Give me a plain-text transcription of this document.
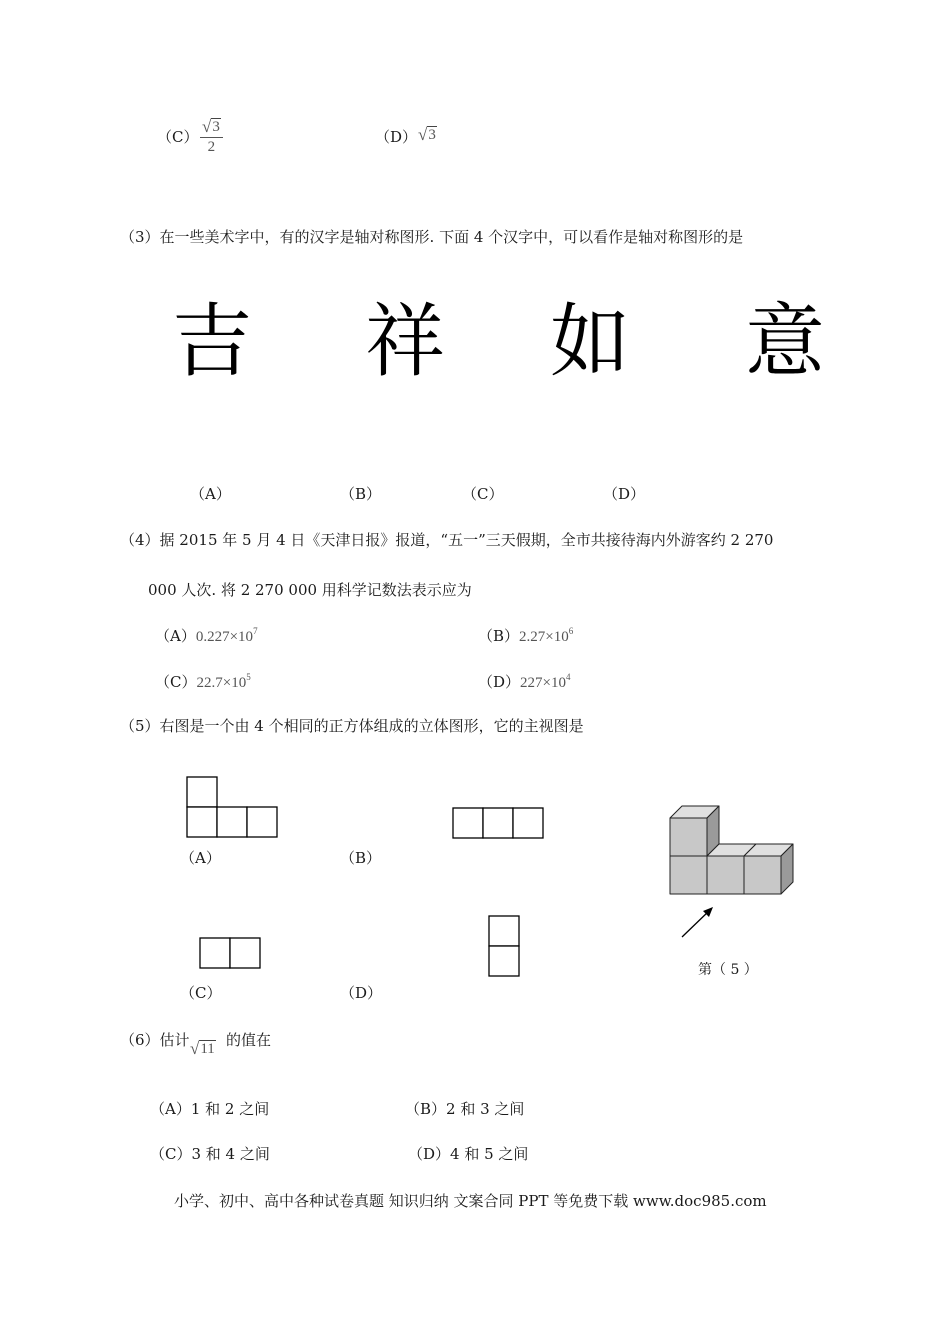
$(C) \frac{√ 3}{2}$	（D） √ 3
（3）在一些美术字中，有的汉字是轴对称图形. 下面 4 个汉字中，可以看作是轴对称图形的是
吉 祥 如 意
（A）	（B）	（C）	（D）
（4）据 2015 年 5 月 4 日《天津日报》报道，“五一”三天假期，全市共接待海内外游客约 2 270
000 人次. 将 2 270 000 用科学记数法表示应为
$(A)0.227\times 10^7$	$(B)2.27\times 10^6$
$(C)22.7\times 10^5$	$(D)227\times 10^4$
（5）右图是一个由 4 个相同的正方体组成的立体图形，它的主视图是
（A）	（B）
（C）	（D）
第（ 5 ）
（6）估计 √ 11 的值在
（A）1 和 2 之间	（B）2 和 3 之间
（C）3 和 4 之间	（D）4 和 5 之间
小学、初中、高中各种试卷真题 知识归纳 文案合同 PPT 等免费下载 www.doc985.com
